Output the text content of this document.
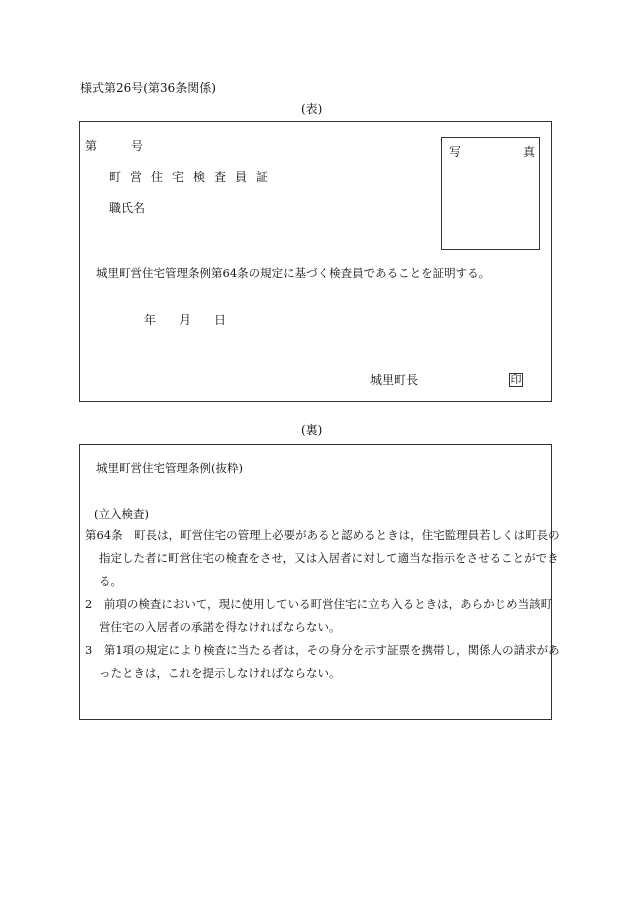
様式第26号(第36条関係)
(表)
第	号
町営住宅検査員証
職氏名
写	真
城里町営住宅管理条例第64条の規定に基づく検査員であることを証明する。
年 月 日
城里町長	印
(裏)
城里町営住宅管理条例(抜粋)
(立入検査)
第64条　町長は，町営住宅の管理上必要があると認めるときは，住宅監理員若しくは町長の指定した者に町営住宅の検査をさせ，又は入居者に対して適当な指示をさせることができる。
2　前項の検査において，現に使用している町営住宅に立ち入るときは，あらかじめ当該町営住宅の入居者の承諾を得なければならない。
3　第1項の規定により検査に当たる者は，その身分を示す証票を携帯し，関係人の請求があったときは，これを提示しなければならない。
